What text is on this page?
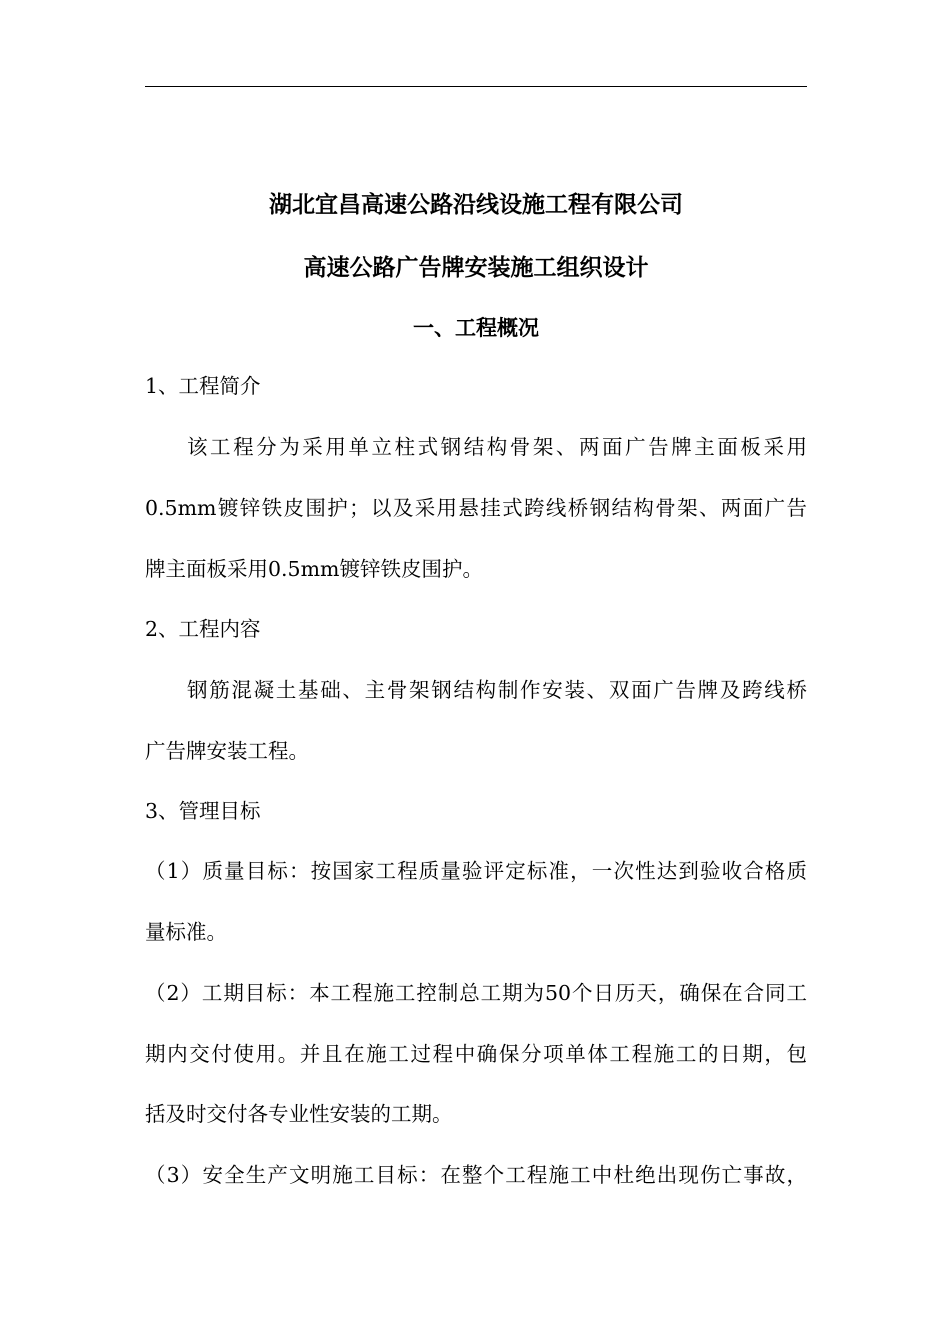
湖北宜昌高速公路沿线设施工程有限公司
高速公路广告牌安装施工组织设计
一、工程概况
1、工程简介
该工程分为采用单立柱式钢结构骨架、两面广告牌主面板采用
0.5mm镀锌铁皮围护；以及采用悬挂式跨线桥钢结构骨架、两面广告
牌主面板采用0.5mm镀锌铁皮围护。
2、工程内容
钢筋混凝土基础、主骨架钢结构制作安装、双面广告牌及跨线桥
广告牌安装工程。
3、管理目标
（1）质量目标：按国家工程质量验评定标准，一次性达到验收合格质
量标准。
（2）工期目标：本工程施工控制总工期为50个日历天，确保在合同工
期内交付使用。并且在施工过程中确保分项单体工程施工的日期，包
括及时交付各专业性安装的工期。
（3）安全生产文明施工目标：在整个工程施工中杜绝出现伤亡事故，
